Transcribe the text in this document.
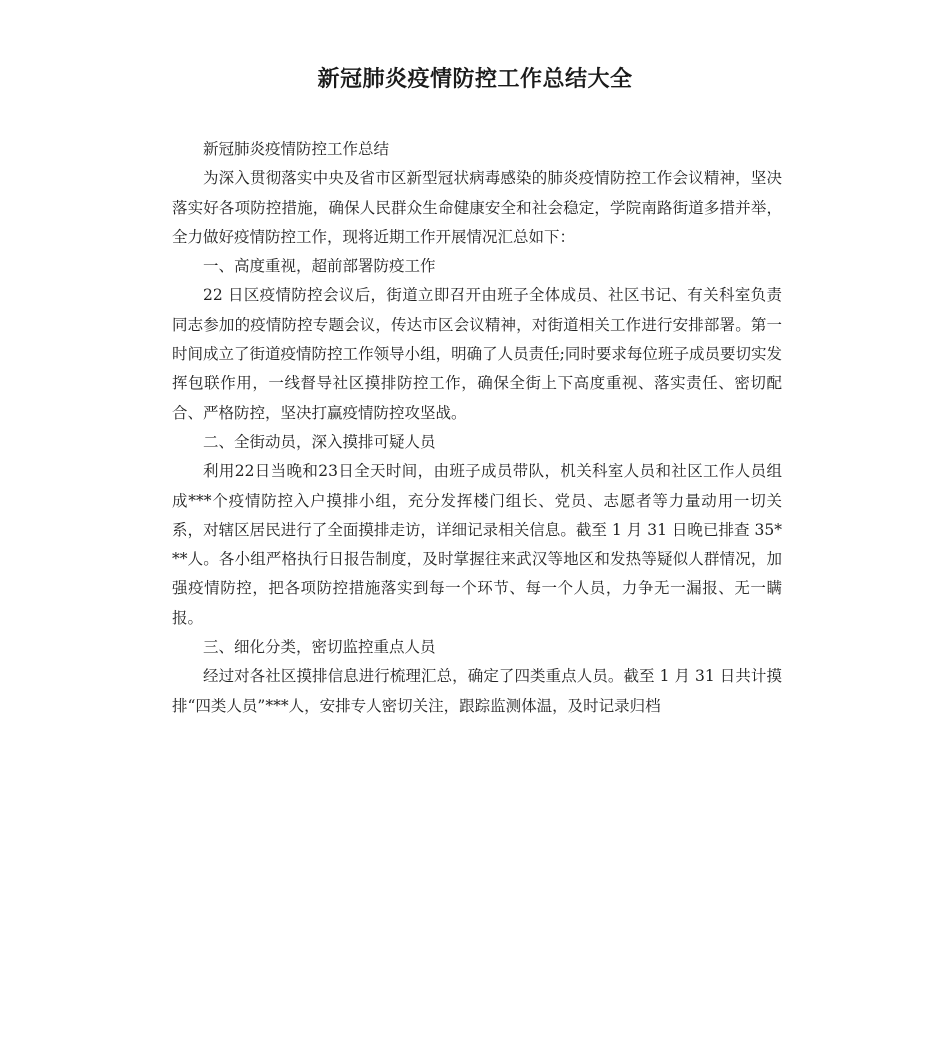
新冠肺炎疫情防控工作总结大全

新冠肺炎疫情防控工作总结

为深入贯彻落实中央及省市区新型冠状病毒感染的肺炎疫情防控工作会议精神，坚决落实好各项防控措施，确保人民群众生命健康安全和社会稳定，学院南路街道多措并举，全力做好疫情防控工作，现将近期工作开展情况汇总如下：

一、高度重视，超前部署防疫工作

22 日区疫情防控会议后，街道立即召开由班子全体成员、社区书记、有关科室负责同志参加的疫情防控专题会议，传达市区会议精神，对街道相关工作进行安排部署。第一时间成立了街道疫情防控工作领导小组，明确了人员责任;同时要求每位班子成员要切实发挥包联作用，一线督导社区摸排防控工作，确保全街上下高度重视、落实责任、密切配合、严格防控，坚决打赢疫情防控攻坚战。

二、全街动员，深入摸排可疑人员

利用22日当晚和23日全天时间，由班子成员带队，机关科室人员和社区工作人员组成***个疫情防控入户摸排小组，充分发挥楼门组长、党员、志愿者等力量动用一切关系，对辖区居民进行了全面摸排走访，详细记录相关信息。截至 1 月 31 日晚已排查 35***人。各小组严格执行日报告制度，及时掌握往来武汉等地区和发热等疑似人群情况，加强疫情防控，把各项防控措施落实到每一个环节、每一个人员，力争无一漏报、无一瞒报。

三、细化分类，密切监控重点人员

经过对各社区摸排信息进行梳理汇总，确定了四类重点人员。截至 1 月 31 日共计摸排“四类人员”***人，安排专人密切关注，跟踪监测体温，及时记录归档
